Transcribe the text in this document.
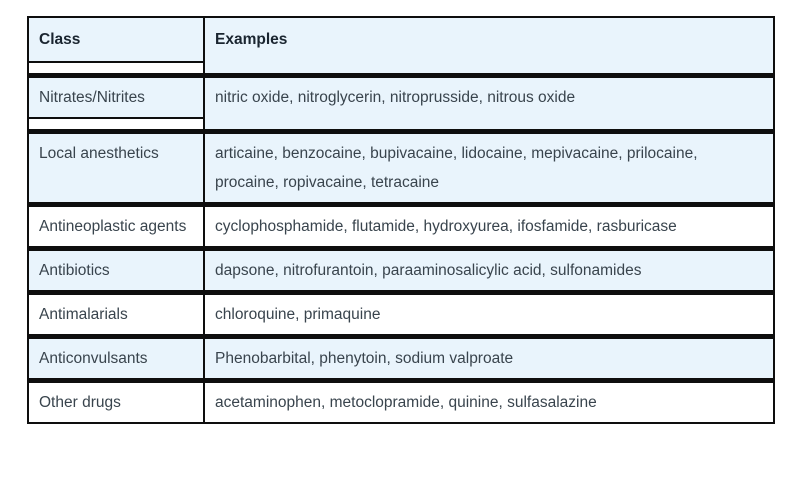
Class	Examples

Nitrates/Nitrites	nitric oxide, nitroglycerin, nitroprusside, nitrous oxide

Local anesthetics	articaine, benzocaine, bupivacaine, lidocaine, mepivacaine, prilocaine, procaine, ropivacaine, tetracaine
Antineoplastic agents	cyclophosphamide, flutamide, hydroxyurea, ifosfamide, rasburicase
Antibiotics	dapsone, nitrofurantoin, paraaminosalicylic acid, sulfonamides
Antimalarials	chloroquine, primaquine
Anticonvulsants	Phenobarbital, phenytoin, sodium valproate
Other drugs	acetaminophen, metoclopramide, quinine, sulfasalazine
